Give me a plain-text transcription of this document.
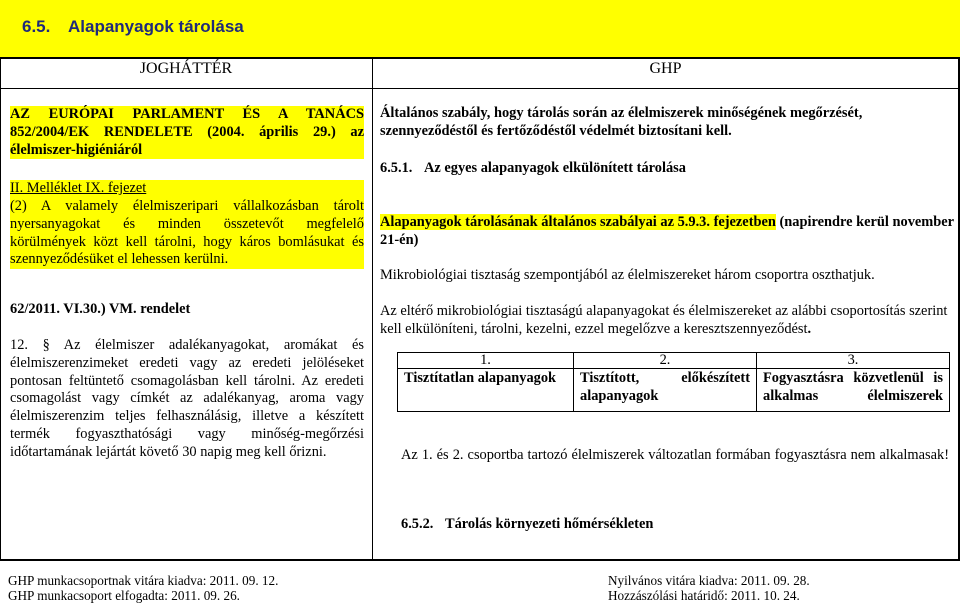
6.5. Alapanyagok tárolása
JOGHÁTTÉR	GHP
AZ EURÓPAI PARLAMENT ÉS A TANÁCS 852/2004/EK RENDELETE (2004. április 29.) az élelmiszer-higiéniáról
II. Melléklet IX. fejezet
(2) A valamely élelmiszeripari vállalkozásban tárolt nyersanyagokat és minden összetevőt megfelelő körülmények közt kell tárolni, hogy káros bomlásukat és szennyeződésüket el lehessen kerülni.
62/2011. VI.30.) VM. rendelet
12. § Az élelmiszer adalékanyagokat, aromákat és élelmiszerenzimeket eredeti vagy az eredeti jelöléseket pontosan feltüntető csomagolásban kell tárolni. Az eredeti csomagolást vagy címkét az adalékanyag, aroma vagy élelmiszerenzim teljes felhasználásig, illetve a készített termék fogyaszthatósági vagy minőség-megőrzési időtartamának lejártát követő 30 napig meg kell őrizni.
Általános szabály, hogy tárolás során az élelmiszerek minőségének megőrzését, szennyeződéstől és fertőződéstől védelmét biztosítani kell.
6.5.1. Az egyes alapanyagok elkülönített tárolása
Alapanyagok tárolásának általános szabályai az 5.9.3. fejezetben (napirendre kerül november 21-én)
Mikrobiológiai tisztaság szempontjából az élelmiszereket három csoportra oszthatjuk.
Az eltérő mikrobiológiai tisztaságú alapanyagokat és élelmiszereket az alábbi csoportosítás szerint kell elkülöníteni, tárolni, kezelni, ezzel megelőzve a keresztszennyeződést.
1.	2.	3.
Tisztítatlan alapanyagok	Tisztított, előkészített alapanyagok	Fogyasztásra közvetlenül is alkalmas élelmiszerek
Az 1. és 2. csoportba tartozó élelmiszerek változatlan formában fogyasztásra nem alkalmasak!
6.5.2. Tárolás környezeti hőmérsékleten
GHP munkacsoportnak vitára kiadva: 2011. 09. 12.
GHP munkacsoport elfogadta: 2011. 09. 26.
Nyilvános vitára kiadva: 2011. 09. 28.
Hozzászólási határidő: 2011. 10. 24.
